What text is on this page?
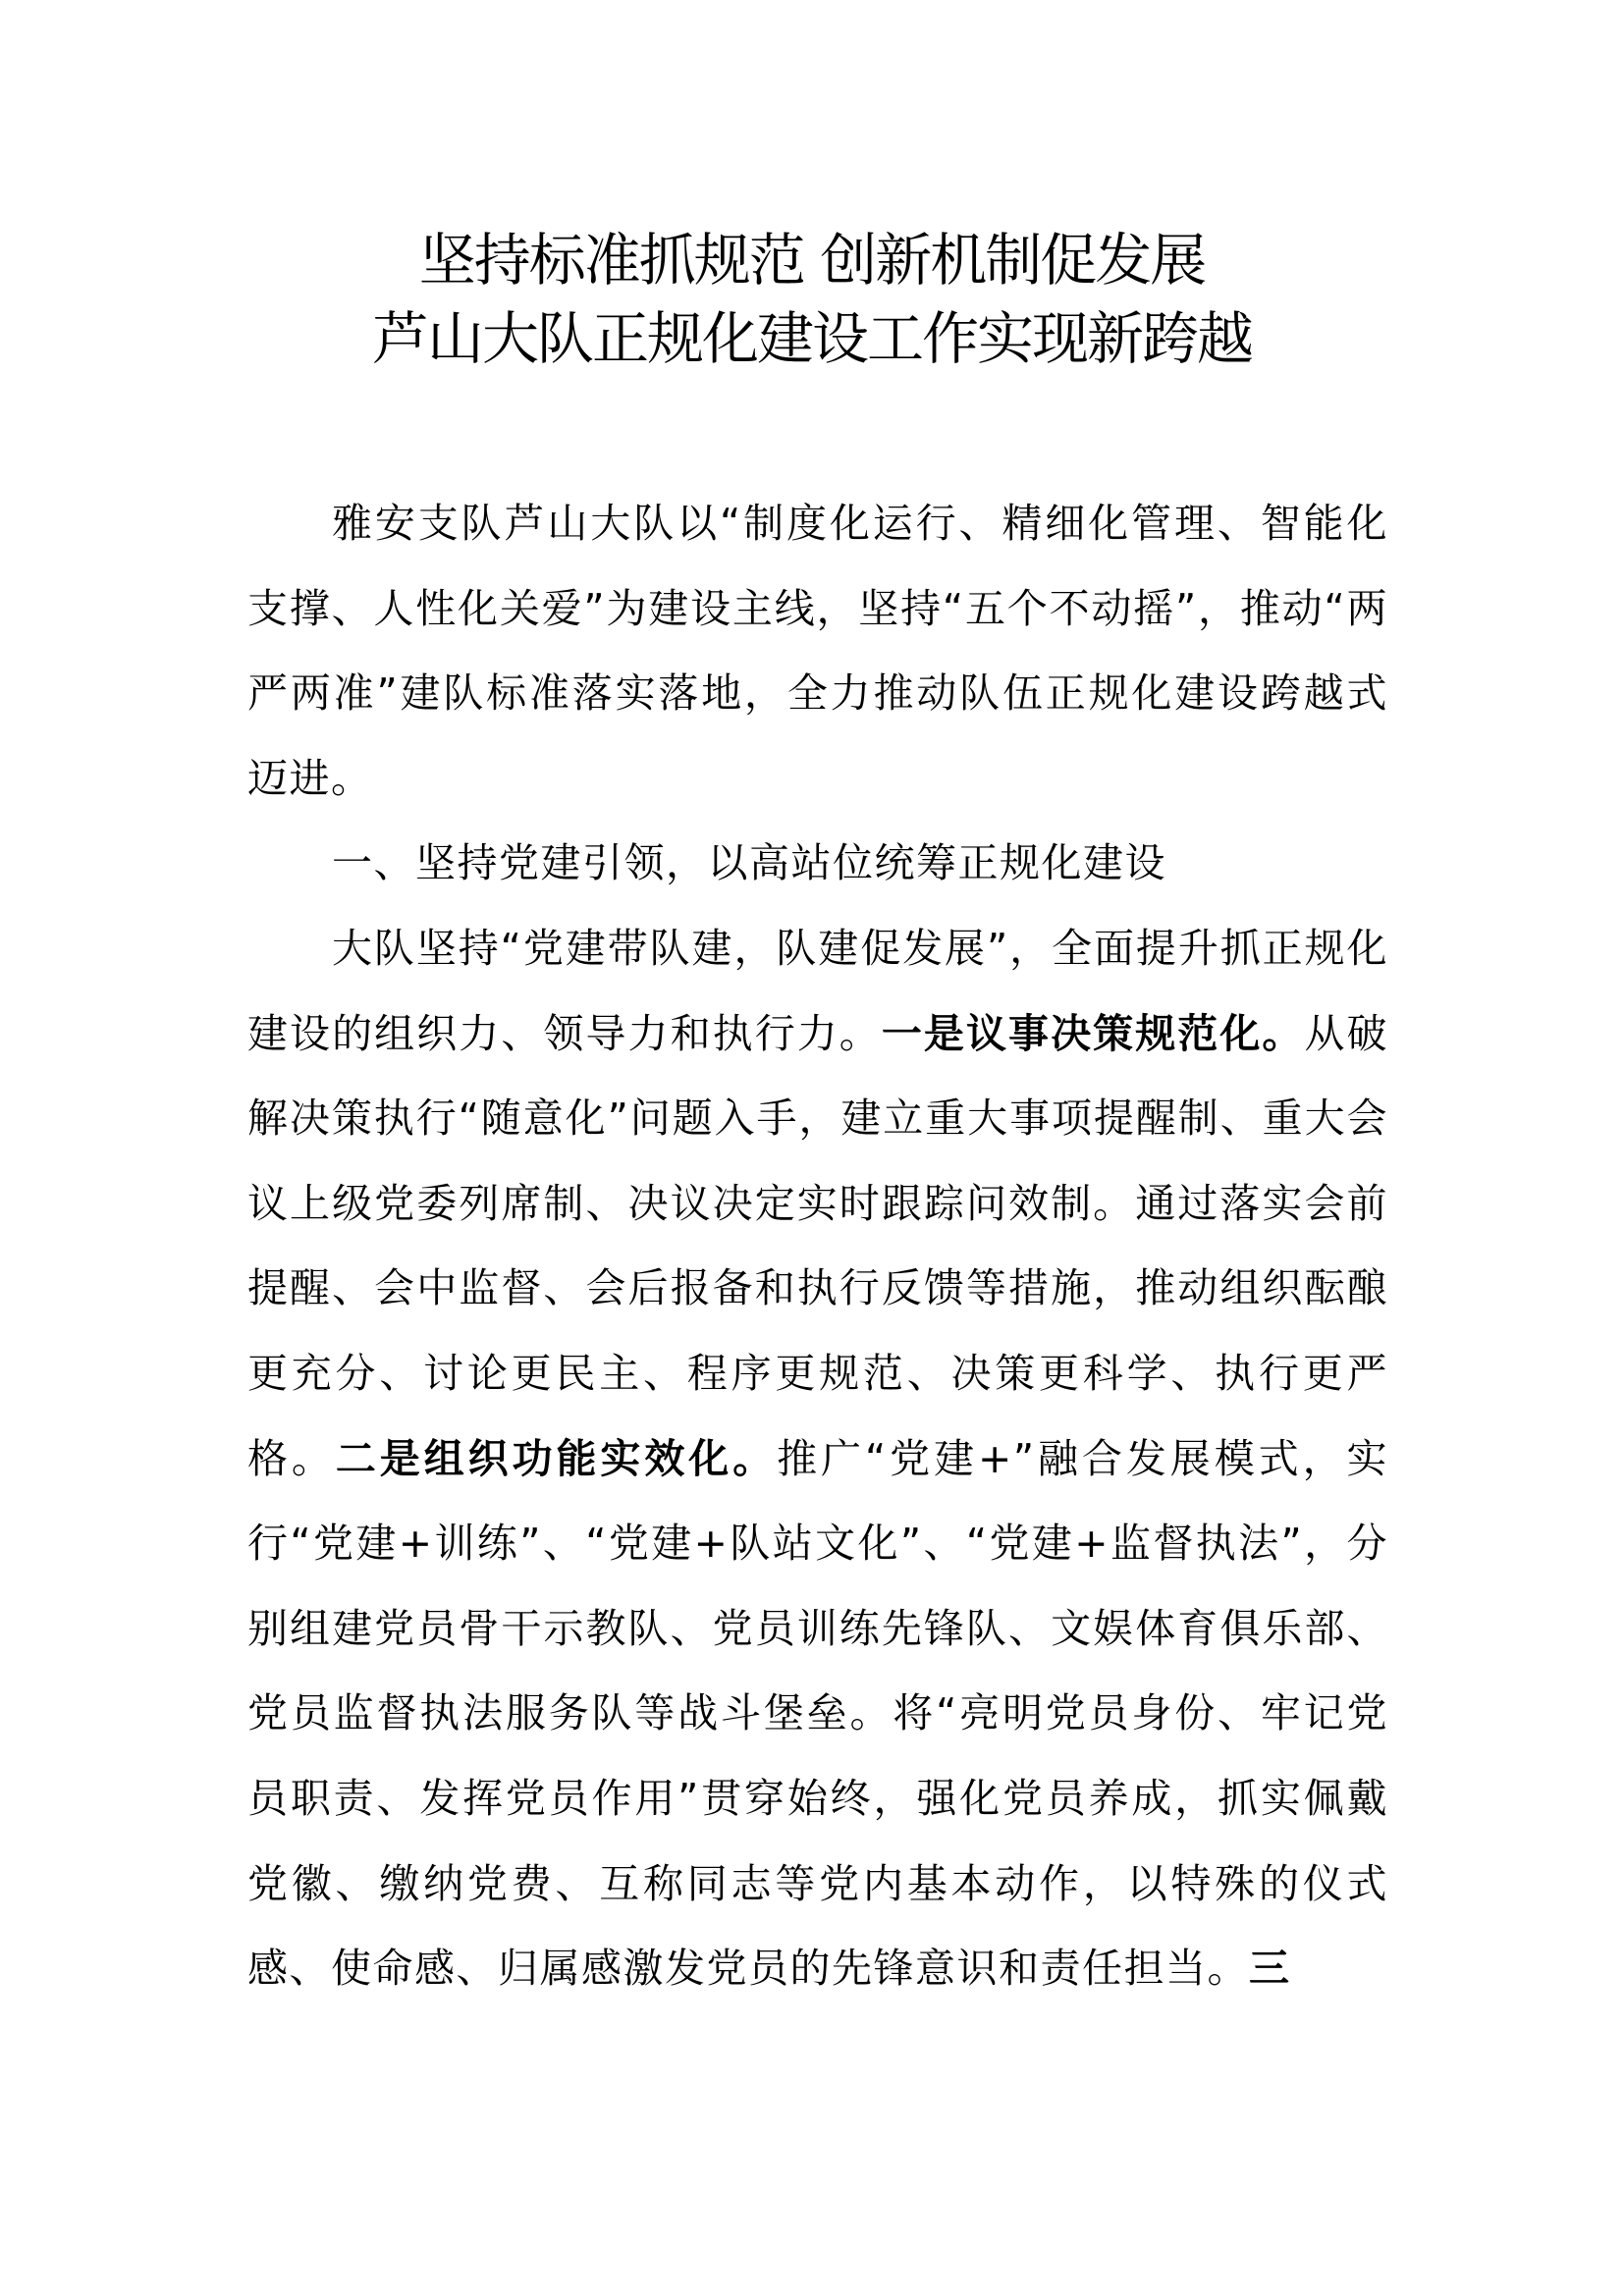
坚持标准抓规范 创新机制促发展
芦山大队正规化建设工作实现新跨越

雅安支队芦山大队以“制度化运行、精细化管理、智能化支撑、人性化关爱”为建设主线，坚持“五个不动摇”，推动“两严两准”建队标准落实落地，全力推动队伍正规化建设跨越式迈进。

一、坚持党建引领，以高站位统筹正规化建设

大队坚持“党建带队建，队建促发展”，全面提升抓正规化建设的组织力、领导力和执行力。一是议事决策规范化。从破解决策执行“随意化”问题入手，建立重大事项提醒制、重大会议上级党委列席制、决议决定实时跟踪问效制。通过落实会前提醒、会中监督、会后报备和执行反馈等措施，推动组织酝酿更充分、讨论更民主、程序更规范、决策更科学、执行更严格。二是组织功能实效化。推广“党建+”融合发展模式，实行“党建+训练”、“党建+队站文化”、“党建+监督执法”，分别组建党员骨干示教队、党员训练先锋队、文娱体育俱乐部、党员监督执法服务队等战斗堡垒。将“亮明党员身份、牢记党员职责、发挥党员作用”贯穿始终，强化党员养成，抓实佩戴党徽、缴纳党费、互称同志等党内基本动作，以特殊的仪式感、使命感、归属感激发党员的先锋意识和责任担当。三
